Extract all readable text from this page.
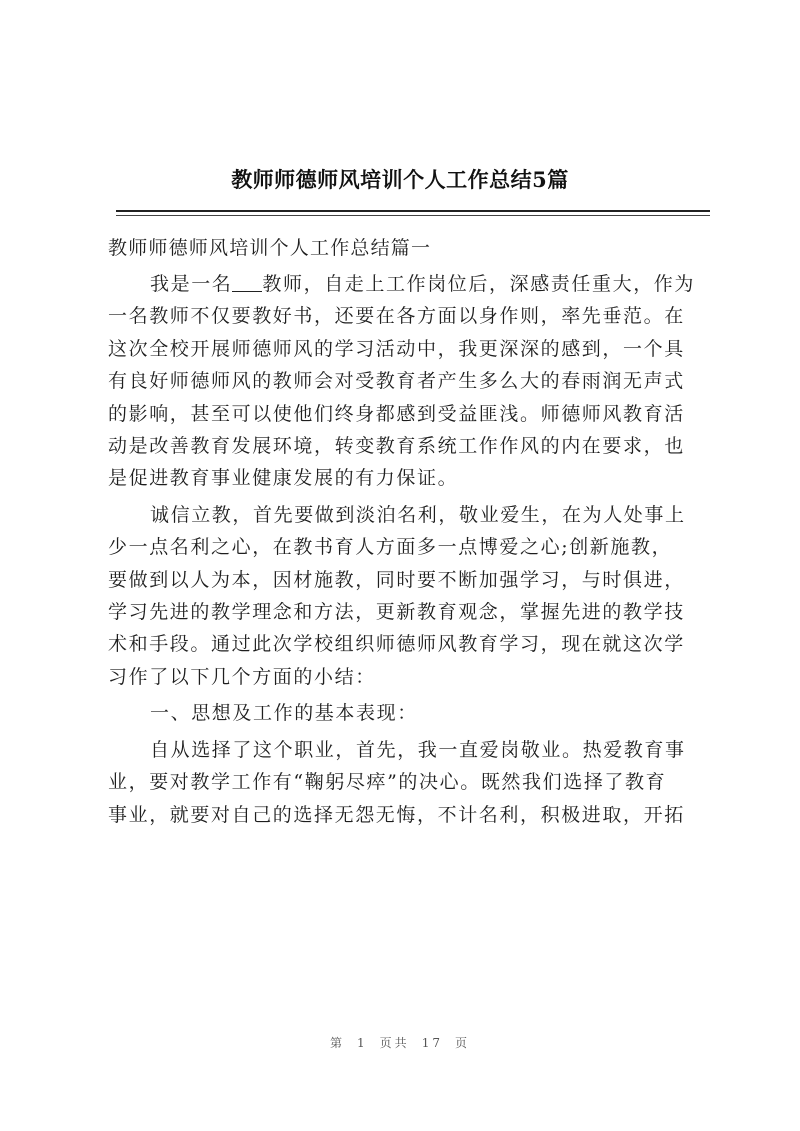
教师师德师风培训个人工作总结5篇
教师师德师风培训个人工作总结篇一
我是一名 教师，自走上工作岗位后，深感责任重大，作为
一名教师不仅要教好书，还要在各方面以身作则，率先垂范。在
这次全校开展师德师风的学习活动中，我更深深的感到，一个具
有良好师德师风的教师会对受教育者产生多么大的春雨润无声式
的影响，甚至可以使他们终身都感到受益匪浅。师德师风教育活
动是改善教育发展环境，转变教育系统工作作风的内在要求，也
是促进教育事业健康发展的有力保证。
诚信立教，首先要做到淡泊名利，敬业爱生，在为人处事上
少一点名利之心，在教书育人方面多一点博爱之心;创新施教，
要做到以人为本，因材施教，同时要不断加强学习，与时俱进，
学习先进的教学理念和方法，更新教育观念，掌握先进的教学技
术和手段。通过此次学校组织师德师风教育学习，现在就这次学
习作了以下几个方面的小结：
一、思想及工作的基本表现：
自从选择了这个职业，首先，我一直爱岗敬业。热爱教育事
业，要对教学工作有“鞠躬尽瘁”的决心。既然我们选择了教育
事业，就要对自己的选择无怨无悔，不计名利，积极进取，开拓
第 1 页共 17 页
